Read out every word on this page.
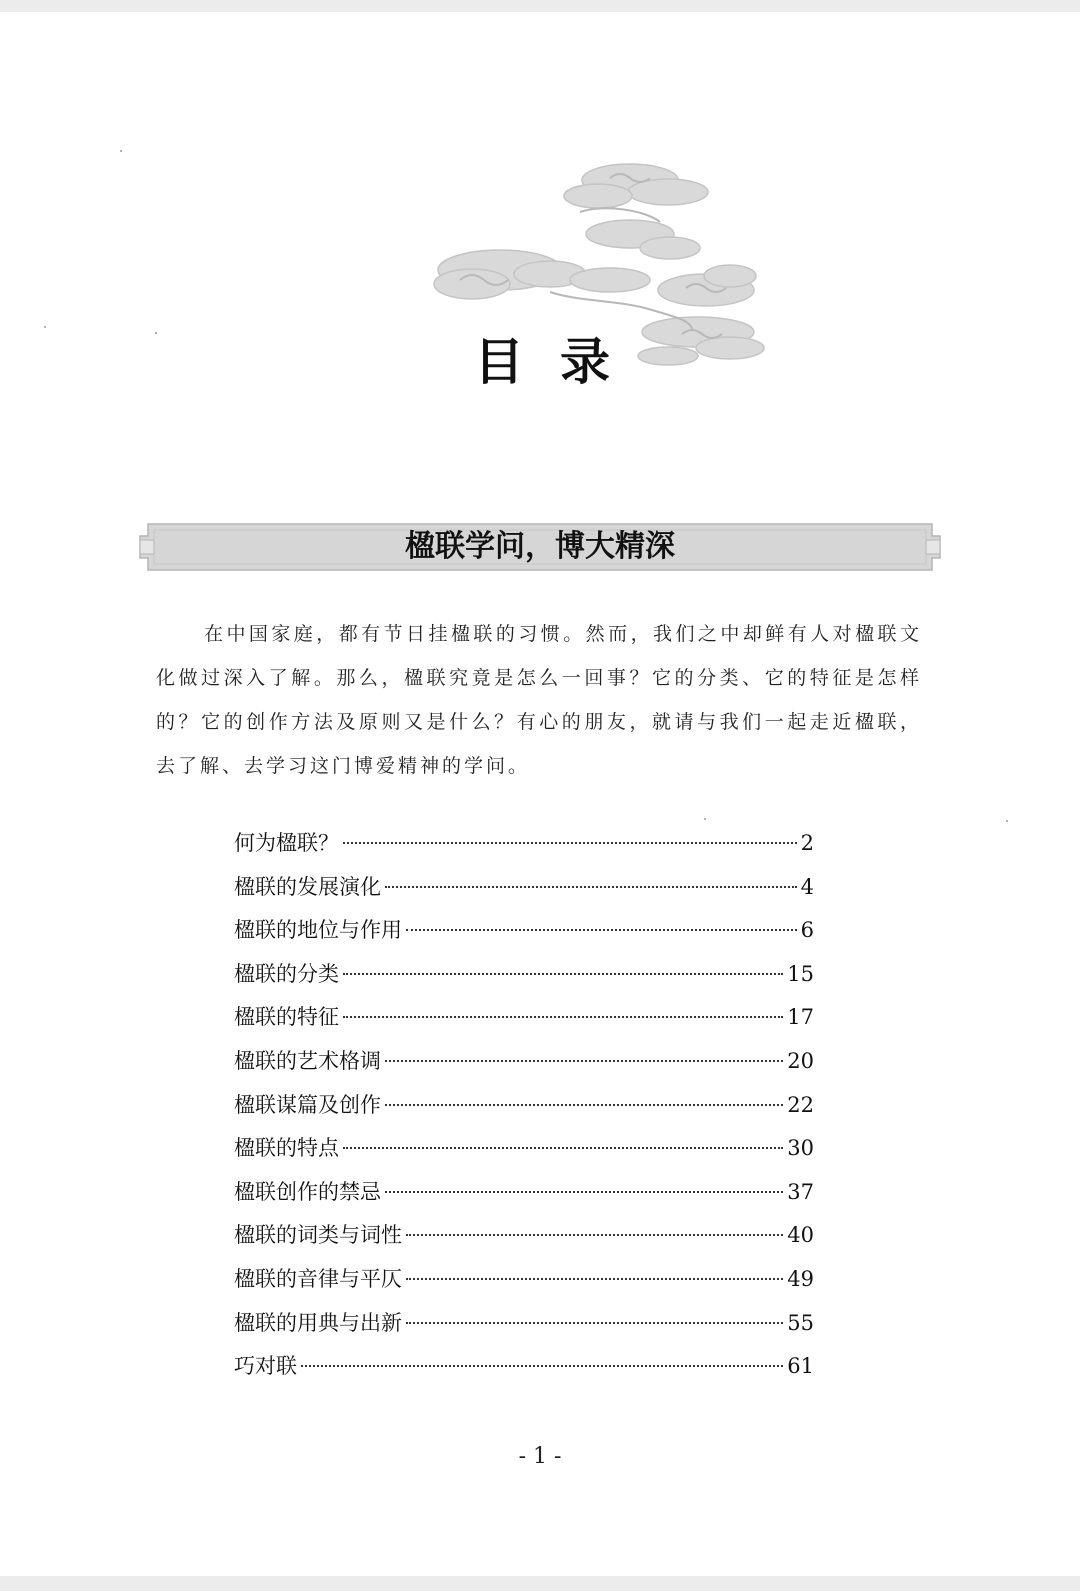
目录
楹联学问，博大精深

在中国家庭，都有节日挂楹联的习惯。然而，我们之中却鲜有人对楹联文化做过深入了解。那么，楹联究竟是怎么一回事？它的分类、它的特征是怎样的？它的创作方法及原则又是什么？有心的朋友，就请与我们一起走近楹联，去了解、去学习这门博爱精神的学问。

何为楹联？	2
楹联的发展演化	4
楹联的地位与作用	6
楹联的分类	15
楹联的特征	17
楹联的艺术格调	20
楹联谋篇及创作	22
楹联的特点	30
楹联创作的禁忌	37
楹联的词类与词性	40
楹联的音律与平仄	49
楹联的用典与出新	55
巧对联	61
- 1 -
